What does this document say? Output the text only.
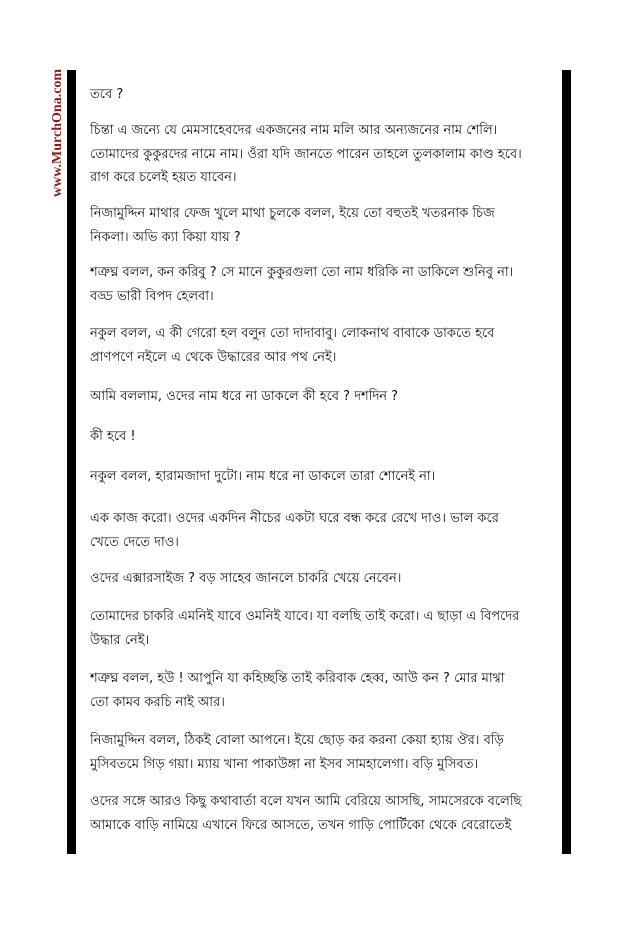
www.MurchOna.com তবে ?
চিন্তা এ জন্যে যে মেমসাহেবদের একজনের নাম মলি আর অন্যজনের নাম শেলি।
তোমাদের কুকুরদের নামে নাম। ওঁরা যদি জানতে পারেন তাহলে তুলকালাম কাণ্ড হবে।
রাগ করে চলেই হয়ত যাবেন।
নিজামুদ্দিন মাথার ফেজ খুলে মাথা চুলকে বলল, ইয়ে তো বহুতই খতরনাক চিজ
নিকলা। অভি ক্যা কিয়া যায় ?
শত্রুঘ্ন বলল, কন করিবু ? সে মানে কুকুরগুলা তো নাম ধরিকি না ডাকিলে শুনিবু না।
বড্ড ভারী বিপদ হেলবা।
নকুল বলল, এ কী গেরো হল বলুন তো দাদাবাবু। লোকনাথ বাবাকে ডাকতে হবে
প্রাণপণে নইলে এ থেকে উদ্ধারের আর পথ নেই।
আমি বললাম, ওদের নাম ধরে না ডাকলে কী হবে ? দশদিন ?
কী হবে !
নকুল বলল, হারামজাদা দুটো। নাম ধরে না ডাকলে তারা শোনেই না।
এক কাজ করো। ওদের একদিন নীচের একটা ঘরে বন্ধ করে রেখে দাও। ভাল করে
খেতে দেতে দাও।
ওদের এক্সারসাইজ ? বড় সাহেব জানলে চাকরি খেয়ে নেবেন।
তোমাদের চাকরি এমনিই যাবে ওমনিই যাবে। যা বলছি তাই করো। এ ছাড়া এ বিপদের
উদ্ধার নেই।
শত্রুঘ্ন বলল, হউ ! আপুনি যা কহিচ্ছন্তি তাই করিবাক হেব্ব, আউ কন ? মোর মাথ্বা
তো কামব করচি নাই আর।
নিজামুদ্দিন বলল, ঠিকই বোলা আপনে। ইয়ে ছোড় কর করনা কেয়া হ্যায় ঔর। বড়ি
মুসিবতমে গিড় গয়া। ম্যায় খানা পাকাউঙ্গা না ইসব সামহালেগা। বড়ি মুসিবত।
ওদের সঙ্গে আরও কিছু কথাবার্তা বলে যখন আমি বেরিয়ে আসছি, সামসেরকে বলেছি
আমাকে বাড়ি নামিয়ে এখানে ফিরে আসতে, তখন গাড়ি পোর্টিকো থেকে বেরোতেই
